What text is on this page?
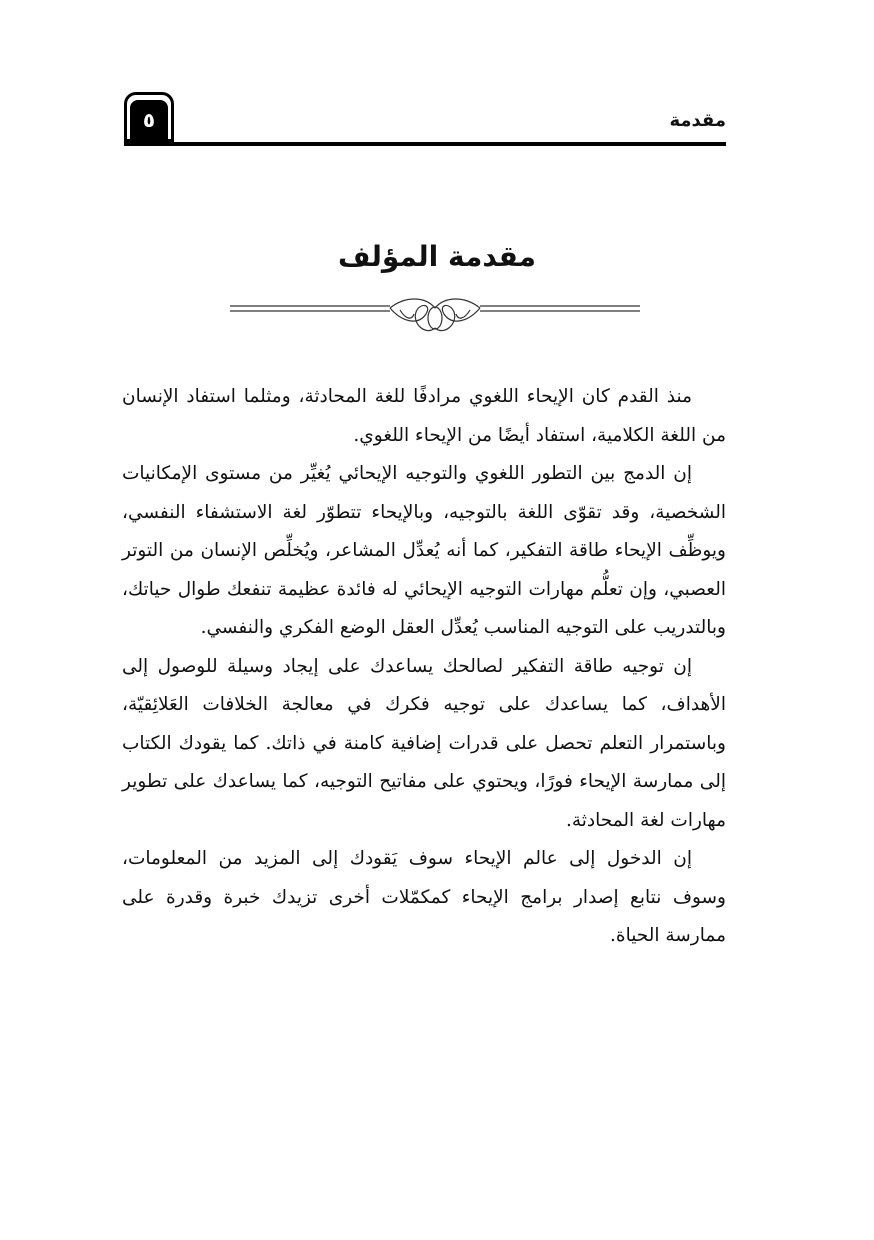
٥	مقدمة
مقدمة المؤلف

منذ القدم كان الإيحاء اللغوي مرادفًا للغة المحادثة، ومثلما استفاد الإنسان من اللغة الكلامية، استفاد أيضًا من الإيحاء اللغوي.

إن الدمج بين التطور اللغوي والتوجيه الإيحائي يُغيِّر من مستوى الإمكانيات الشخصية، وقد تقوّى اللغة بالتوجيه، وبالإيحاء تتطوّر لغة الاستشفاء النفسي، ويوظِّف الإيحاء طاقة التفكير، كما أنه يُعدِّل المشاعر، ويُخلِّص الإنسان من التوتر العصبي، وإن تعلُّم مهارات التوجيه الإيحائي له فائدة عظيمة تنفعك طوال حياتك، وبالتدريب على التوجيه المناسب يُعدِّل العقل الوضع الفكري والنفسي.

إن توجيه طاقة التفكير لصالحك يساعدك على إيجاد وسيلة للوصول إلى الأهداف، كما يساعدك على توجيه فكرك في معالجة الخلافات العَلائِقيّة، وباستمرار التعلم تحصل على قدرات إضافية كامنة في ذاتك. كما يقودك الكتاب إلى ممارسة الإيحاء فورًا، ويحتوي على مفاتيح التوجيه، كما يساعدك على تطوير مهارات لغة المحادثة.

إن الدخول إلى عالم الإيحاء سوف يَقودك إلى المزيد من المعلومات، وسوف نتابع إصدار برامج الإيحاء كمكمّلات أخرى تزيدك خبرة وقدرة على ممارسة الحياة.
